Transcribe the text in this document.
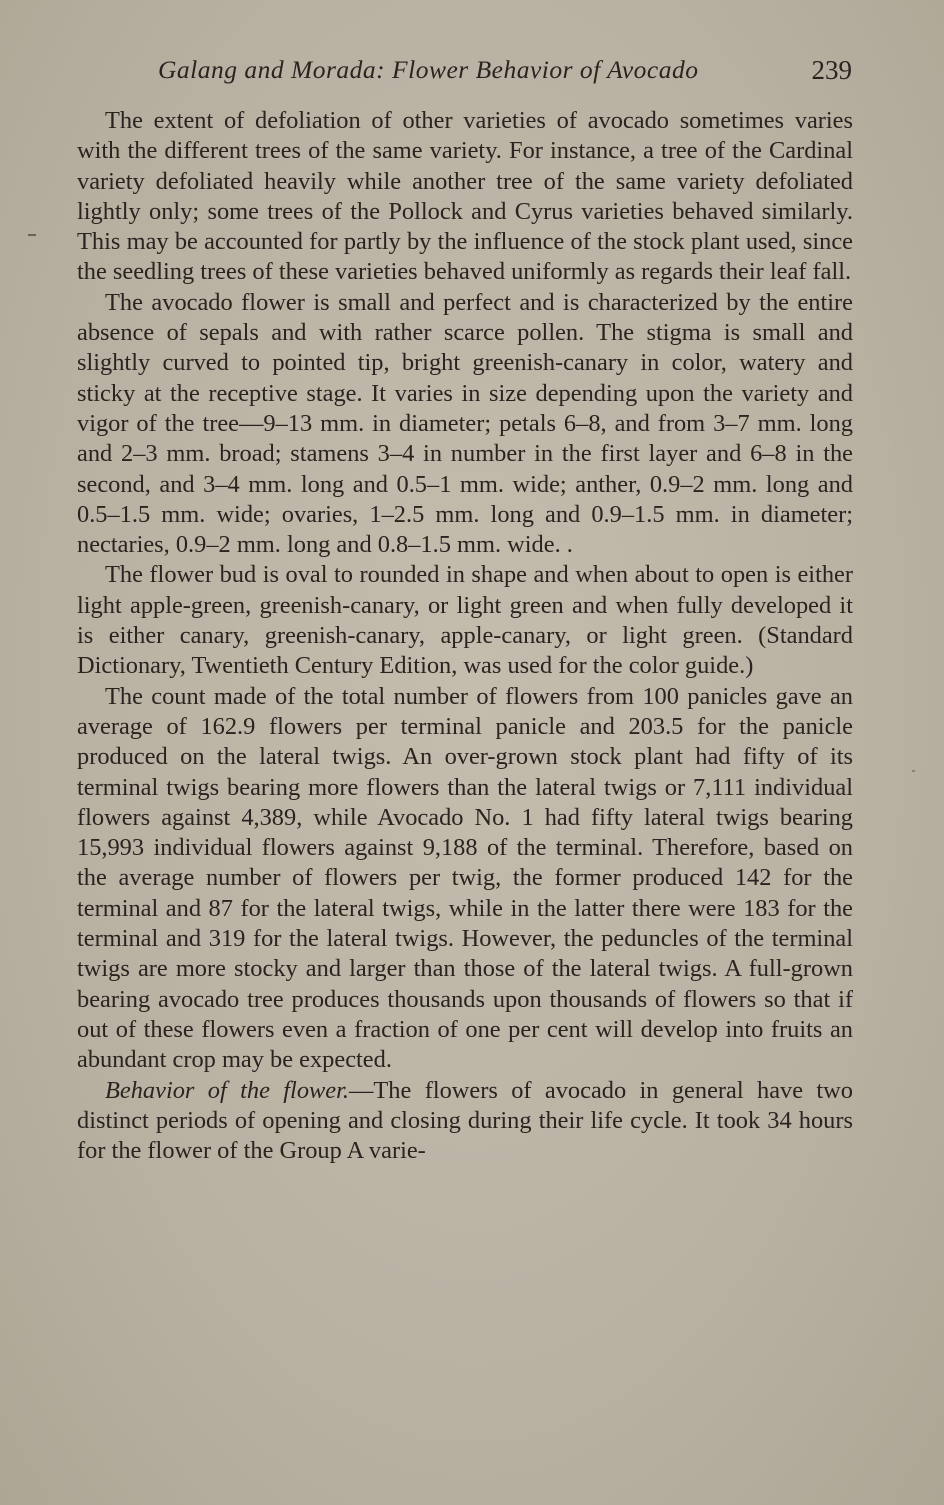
Galang and Morada: Flower Behavior of Avocado	239

The extent of defoliation of other varieties of avocado sometimes varies with the different trees of the same variety. For instance, a tree of the Cardinal variety defoliated heavily while another tree of the same variety defoliated lightly only; some trees of the Pollock and Cyrus varieties behaved similarly. This may be accounted for partly by the influence of the stock plant used, since the seedling trees of these varieties behaved uniformly as regards their leaf fall.

The avocado flower is small and perfect and is characterized by the entire absence of sepals and with rather scarce pollen. The stigma is small and slightly curved to pointed tip, bright greenish-canary in color, watery and sticky at the receptive stage. It varies in size depending upon the variety and vigor of the tree—9–13 mm. in diameter; petals 6–8, and from 3–7 mm. long and 2–3 mm. broad; stamens 3–4 in number in the first layer and 6–8 in the second, and 3–4 mm. long and 0.5–1 mm. wide; anther, 0.9–2 mm. long and 0.5–1.5 mm. wide; ovaries, 1–2.5 mm. long and 0.9–1.5 mm. in diameter; nectaries, 0.9–2 mm. long and 0.8–1.5 mm. wide. .

The flower bud is oval to rounded in shape and when about to open is either light apple-green, greenish-canary, or light green and when fully developed it is either canary, greenish-canary, apple-canary, or light green. (Standard Dictionary, Twentieth Century Edition, was used for the color guide.)

The count made of the total number of flowers from 100 panicles gave an average of 162.9 flowers per terminal panicle and 203.5 for the panicle produced on the lateral twigs. An over-grown stock plant had fifty of its terminal twigs bearing more flowers than the lateral twigs or 7,111 individual flowers against 4,389, while Avocado No. 1 had fifty lateral twigs bearing 15,993 individual flowers against 9,188 of the terminal. Therefore, based on the average number of flowers per twig, the former produced 142 for the terminal and 87 for the lateral twigs, while in the latter there were 183 for the terminal and 319 for the lateral twigs. However, the peduncles of the terminal twigs are more stocky and larger than those of the lateral twigs. A full-grown bearing avocado tree produces thousands upon thousands of flowers so that if out of these flowers even a fraction of one per cent will develop into fruits an abundant crop may be expected.

Behavior of the flower.—The flowers of avocado in general have two distinct periods of opening and closing during their life cycle. It took 34 hours for the flower of the Group A varie-
